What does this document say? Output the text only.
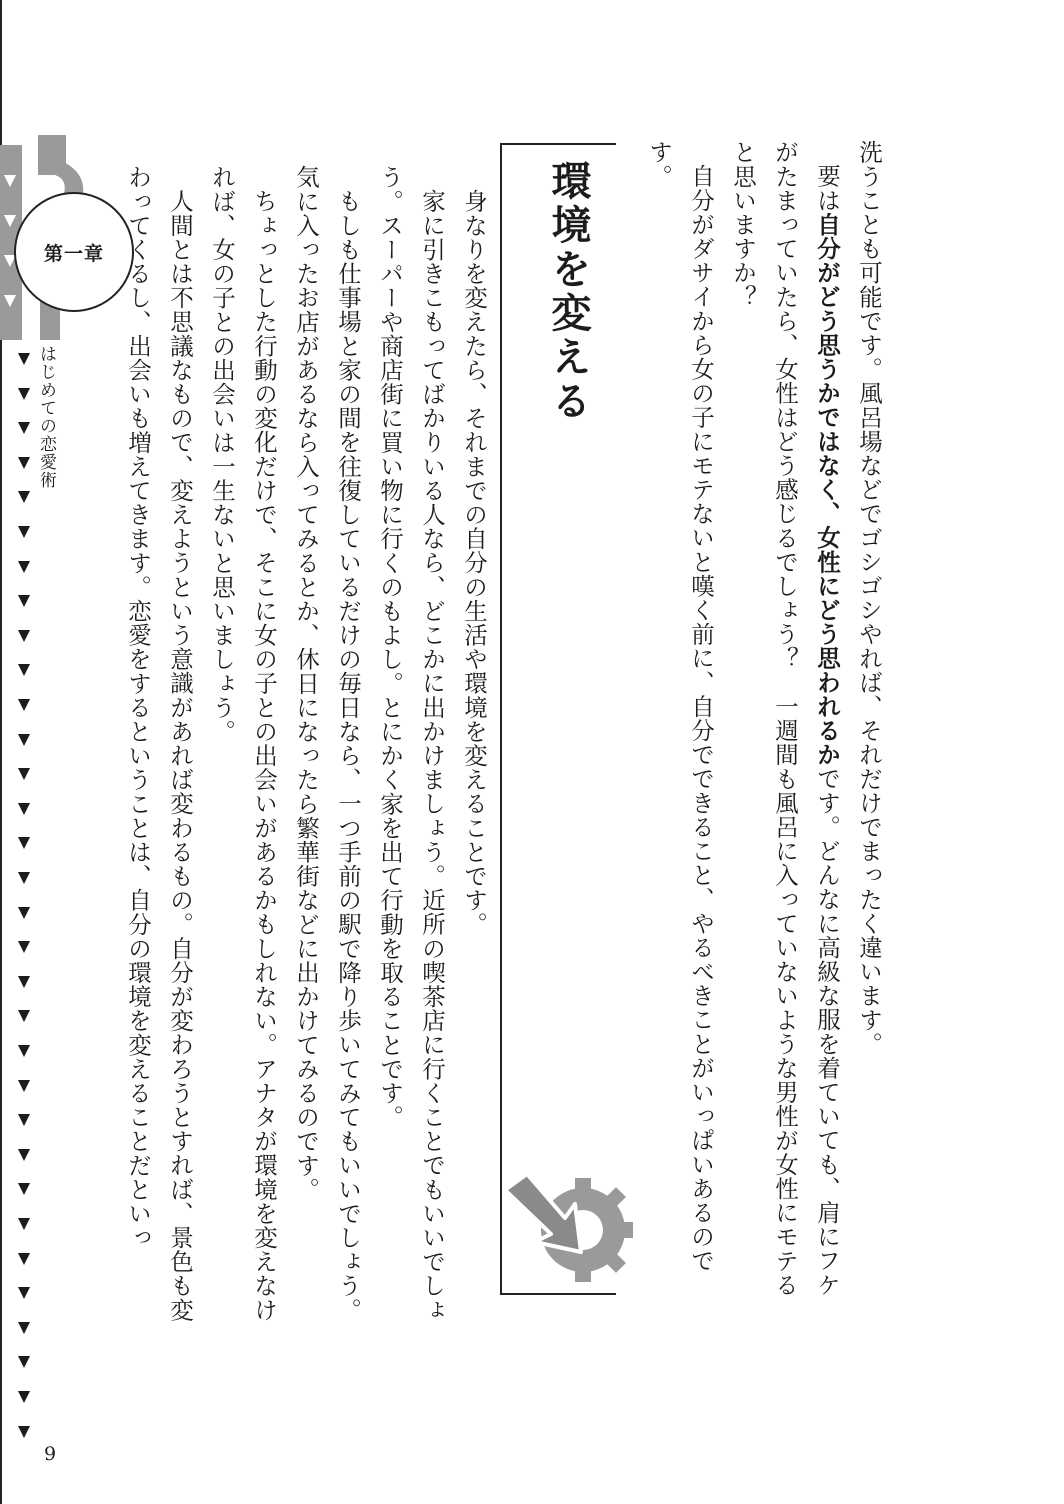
第一章
はじめての恋愛術
9

洗うことも可能です。風呂場などでゴシゴシやれば、それだけでまったく違います。

要は自分がどう思うかではなく、女性にどう思われるかです。どんなに高級な服を着ていても、肩にフケがたまっていたら、女性はどう感じるでしょう？　一週間も風呂に入っていないような男性が女性にモテると思いますか？

自分がダサイから女の子にモテないと嘆く前に、自分でできること、やるべきことがいっぱいあるのです。

環境を変える

身なりを変えたら、それまでの自分の生活や環境を変えることです。

家に引きこもってばかりいる人なら、どこかに出かけましょう。近所の喫茶店に行くことでもいいでしょう。スーパーや商店街に買い物に行くのもよし。とにかく家を出て行動を取ることです。

もしも仕事場と家の間を往復しているだけの毎日なら、一つ手前の駅で降り歩いてみてもいいでしょう。気に入ったお店があるなら入ってみるとか、休日になったら繁華街などに出かけてみるのです。

ちょっとした行動の変化だけで、そこに女の子との出会いがあるかもしれない。アナタが環境を変えなければ、女の子との出会いは一生ないと思いましょう。

人間とは不思議なもので、変えようという意識があれば変わるもの。自分が変わろうとすれば、景色も変わってくるし、出会いも増えてきます。恋愛をするということは、自分の環境を変えることだといっ
